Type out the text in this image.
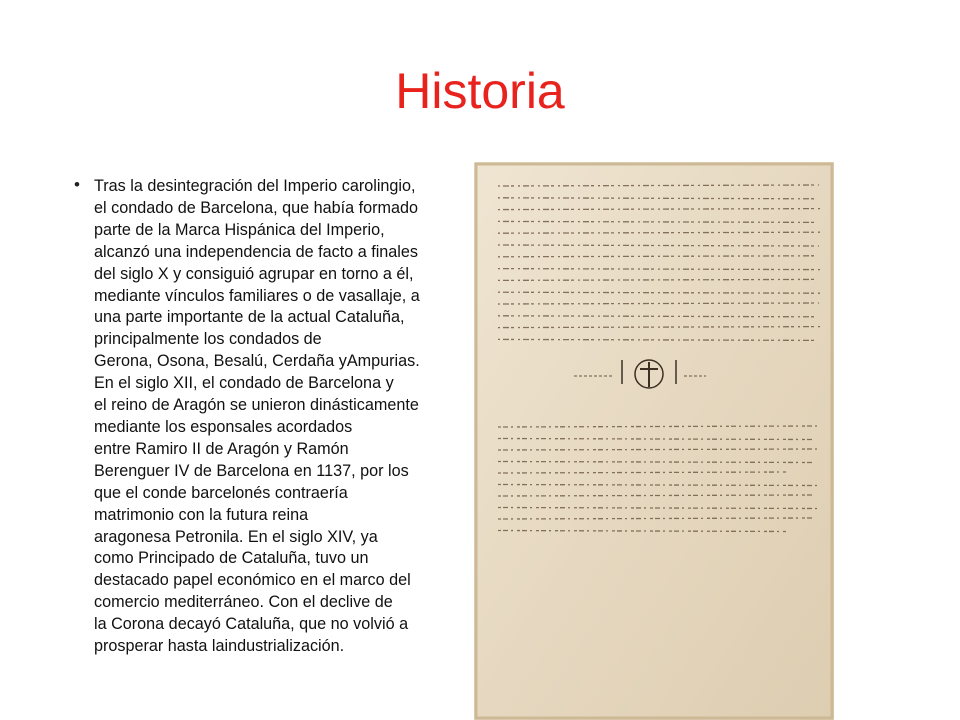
Historia
• Tras la desintegración del Imperio carolingio,
el condado de Barcelona, que había formado
parte de la Marca Hispánica del Imperio,
alcanzó una independencia de facto a finales
del siglo X y consiguió agrupar en torno a él,
mediante vínculos familiares o de vasallaje, a
una parte importante de la actual Cataluña,
principalmente los condados de
Gerona, Osona, Besalú, Cerdaña yAmpurias.
En el siglo XII, el condado de Barcelona y
el reino de Aragón se unieron dinásticamente
mediante los esponsales acordados
entre Ramiro II de Aragón y Ramón
Berenguer IV de Barcelona en 1137, por los
que el conde barcelonés contraería
matrimonio con la futura reina
aragonesa Petronila. En el siglo XIV, ya
como Principado de Cataluña, tuvo un
destacado papel económico en el marco del
comercio mediterráneo. Con el declive de
la Corona decayó Cataluña, que no volvió a
prosperar hasta laindustrialización.
